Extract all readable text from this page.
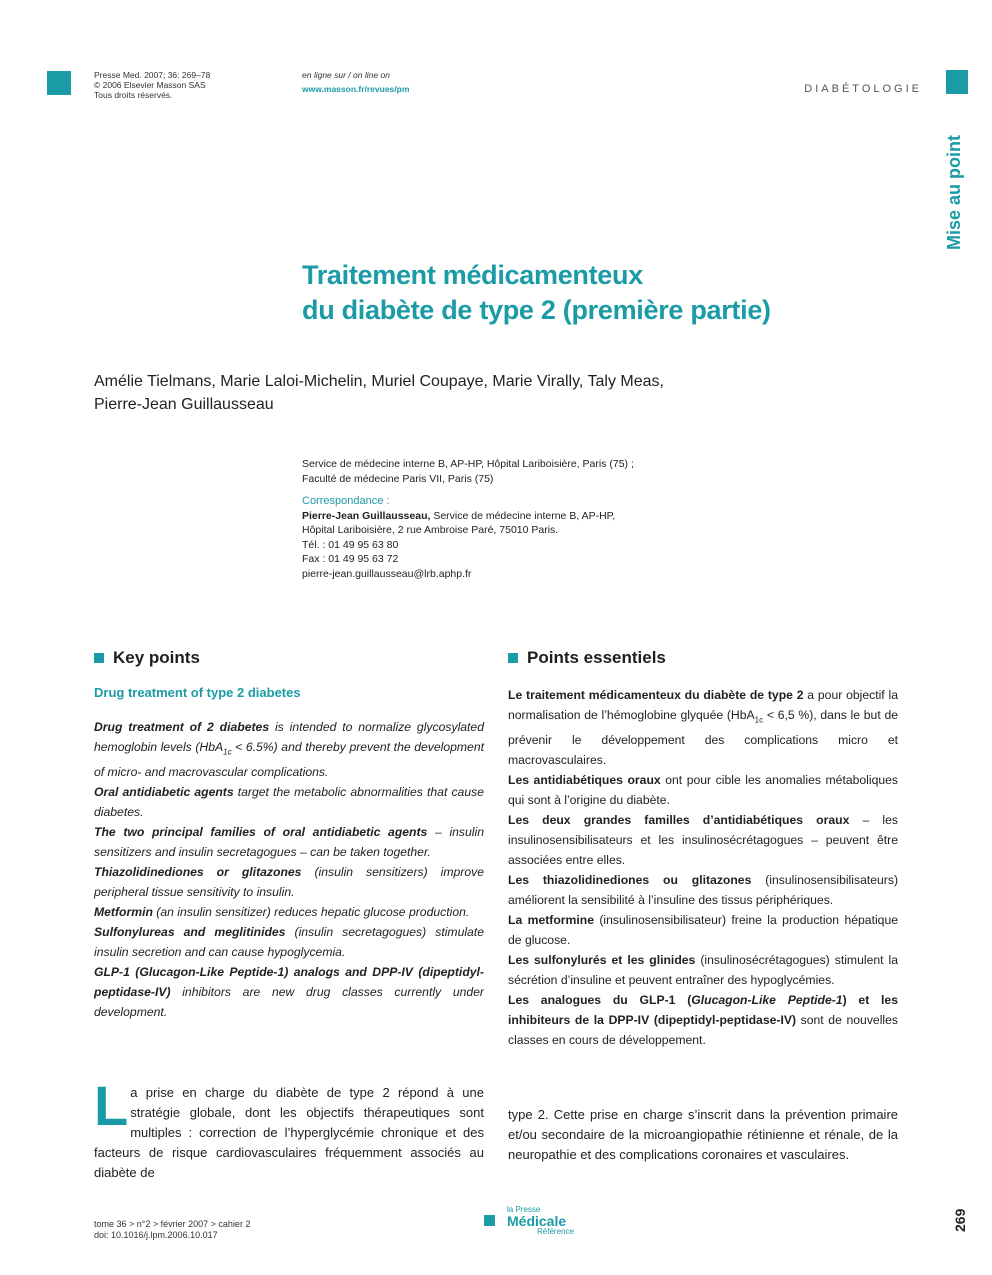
Presse Med. 2007; 36: 269–78
© 2006 Elsevier Masson SAS
Tous droits réservés.
en ligne sur / on line on
www.masson.fr/revues/pm	DIABÉTOLOGIE
Mise au point
Traitement médicamenteux
du diabète de type 2 (première partie)
Amélie Tielmans, Marie Laloi-Michelin, Muriel Coupaye, Marie Virally, Taly Meas,
Pierre-Jean Guillausseau
Service de médecine interne B, AP-HP, Hôpital Lariboisière, Paris (75) ;
Faculté de médecine Paris VII, Paris (75)
Correspondance :
Pierre-Jean Guillausseau, Service de médecine interne B, AP-HP,
Hôpital Lariboisière, 2 rue Ambroise Paré, 75010 Paris.
Tél. : 01 49 95 63 80
Fax : 01 49 95 63 72
pierre-jean.guillausseau@lrb.aphp.fr
Key points
Drug treatment of type 2 diabetes

Drug treatment of 2 diabetes is intended to normalize glycosylated hemoglobin levels (HbA$_{1c}$ < 6.5%) and thereby prevent the development of micro- and macrovascular complications.

Oral antidiabetic agents target the metabolic abnormalities that cause diabetes.

The two principal families of oral antidiabetic agents – insulin sensitizers and insulin secretagogues – can be taken together.

Thiazolidinediones or glitazones (insulin sensitizers) improve peripheral tissue sensitivity to insulin.

Metformin (an insulin sensitizer) reduces hepatic glucose production.

Sulfonylureas and meglitinides (insulin secretagogues) stimulate insulin secretion and can cause hypoglycemia.

GLP-1 (Glucagon-Like Peptide-1) analogs and DPP-IV (dipeptidyl-peptidase-IV) inhibitors are new drug classes currently under development.

Points essentiels

Le traitement médicamenteux du diabète de type 2 a pour objectif la normalisation de l’hémoglobine glyquée (HbA$_{1c}$ < 6,5 %), dans le but de prévenir le développement des complications micro et macrovasculaires.

Les antidiabétiques oraux ont pour cible les anomalies métaboliques qui sont à l’origine du diabète.

Les deux grandes familles d’antidiabétiques oraux – les insulinosensibilisateurs et les insulinosécrétagogues – peuvent être associées entre elles.

Les thiazolidinediones ou glitazones (insulinosensibilisateurs) améliorent la sensibilité à l’insuline des tissus périphériques.

La metformine (insulinosensibilisateur) freine la production hépatique de glucose.

Les sulfonylurés et les glinides (insulinosécrétagogues) stimulent la sécrétion d’insuline et peuvent entraîner des hypoglycémies.

Les analogues du GLP-1 (Glucagon-Like Peptide-1) et les inhibiteurs de la DPP-IV (dipeptidyl-peptidase-IV) sont de nouvelles classes en cours de développement.

La prise en charge du diabète de type 2 répond à une stratégie globale, dont les objectifs thérapeutiques sont multiples : correction de l’hyperglycémie chronique et des facteurs de risque cardiovasculaires fréquemment associés au diabète de
type 2. Cette prise en charge s’inscrit dans la prévention primaire et/ou secondaire de la microangiopathie rétinienne et rénale, de la neuropathie et des complications coronaires et vasculaires.
tome 36 > n°2 > février 2007 > cahier 2
doi: 10.1016/j.lpm.2006.10.017
la Presse
Médicale
Référence	269
